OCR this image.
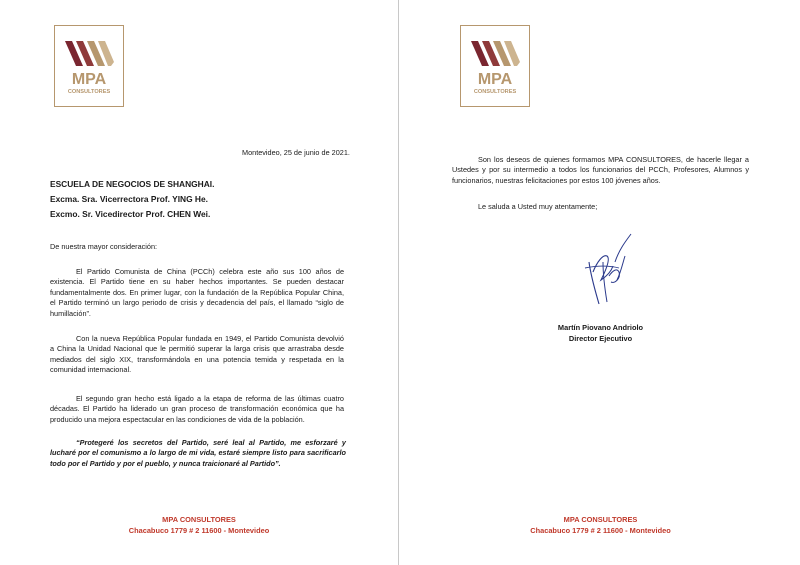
MPA
CONSULTORES
Montevideo, 25 de junio de 2021.
ESCUELA DE NEGOCIOS DE SHANGHAI.
Excma. Sra. Vicerrectora Prof. YING He.
Excmo. Sr. Vicedirector Prof. CHEN Wei.
De nuestra mayor consideración:
El Partido Comunista de China (PCCh) celebra este año sus 100 años de existencia. El Partido tiene en su haber hechos importantes. Se pueden destacar fundamentalmente dos. En primer lugar, con la fundación de la República Popular China, el Partido terminó un largo periodo de crisis y decadencia del país, el llamado “siglo de humillación”.
Con la nueva República Popular fundada en 1949, el Partido Comunista devolvió a China la Unidad Nacional que le permitió superar la larga crisis que arrastraba desde mediados del siglo XIX, transformándola en una potencia temida y respetada en la comunidad internacional.
El segundo gran hecho está ligado a la etapa de reforma de las últimas cuatro décadas. El Partido ha liderado un gran proceso de transformación económica que ha producido una mejora espectacular en las condiciones de vida de la población.
“Protegeré los secretos del Partido, seré leal al Partido, me esforzaré y lucharé por el comunismo a lo largo de mi vida, estaré siempre listo para sacrificarlo todo por el Partido y por el pueblo, y nunca traicionaré al Partido”.
MPA CONSULTORES
Chacabuco 1779 # 2 11600 - Montevideo
MPA
CONSULTORES
Son los deseos de quienes formamos MPA CONSULTORES, de hacerle llegar a Ustedes y por su intermedio a todos los funcionarios del PCCh, Profesores, Alumnos y funcionarios, nuestras felicitaciones por estos 100 jóvenes años.
Le saluda a Usted muy atentamente;
Martín Piovano Andriolo
Director Ejecutivo
MPA CONSULTORES
Chacabuco 1779 # 2 11600 - Montevideo
